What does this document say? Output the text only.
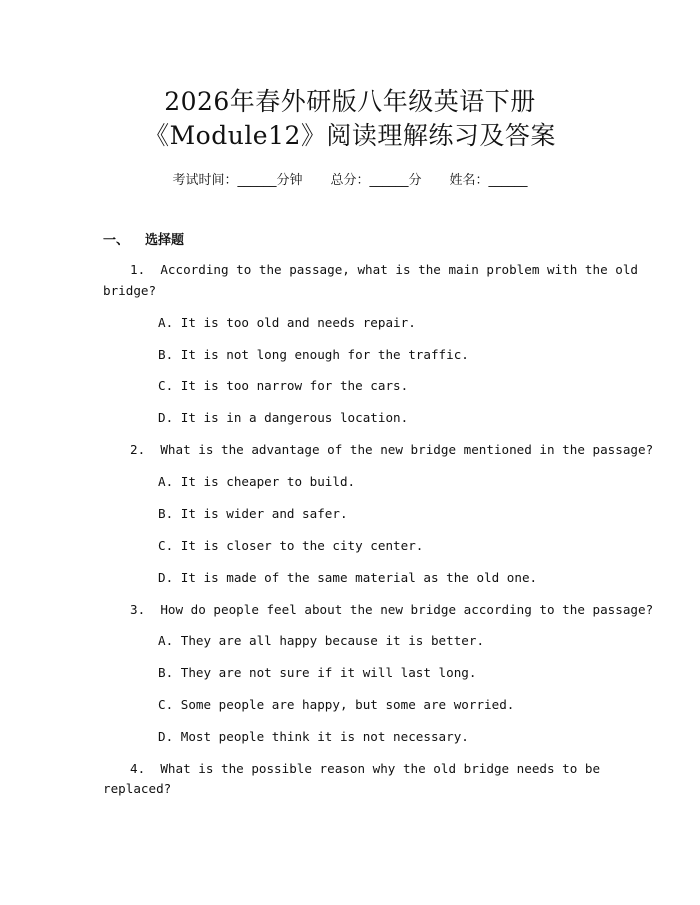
2026年春外研版八年级英语下册
《Module12》阅读理解练习及答案
考试时间：______分钟 总分：______分 姓名：______
一、 选择题
1.  According to the passage, what is the main problem with the old
bridge?
A. It is too old and needs repair.
B. It is not long enough for the traffic.
C. It is too narrow for the cars.
D. It is in a dangerous location.
2.  What is the advantage of the new bridge mentioned in the passage?
A. It is cheaper to build.
B. It is wider and safer.
C. It is closer to the city center.
D. It is made of the same material as the old one.
3.  How do people feel about the new bridge according to the passage?
A. They are all happy because it is better.
B. They are not sure if it will last long.
C. Some people are happy, but some are worried.
D. Most people think it is not necessary.
4.  What is the possible reason why the old bridge needs to be
replaced?
